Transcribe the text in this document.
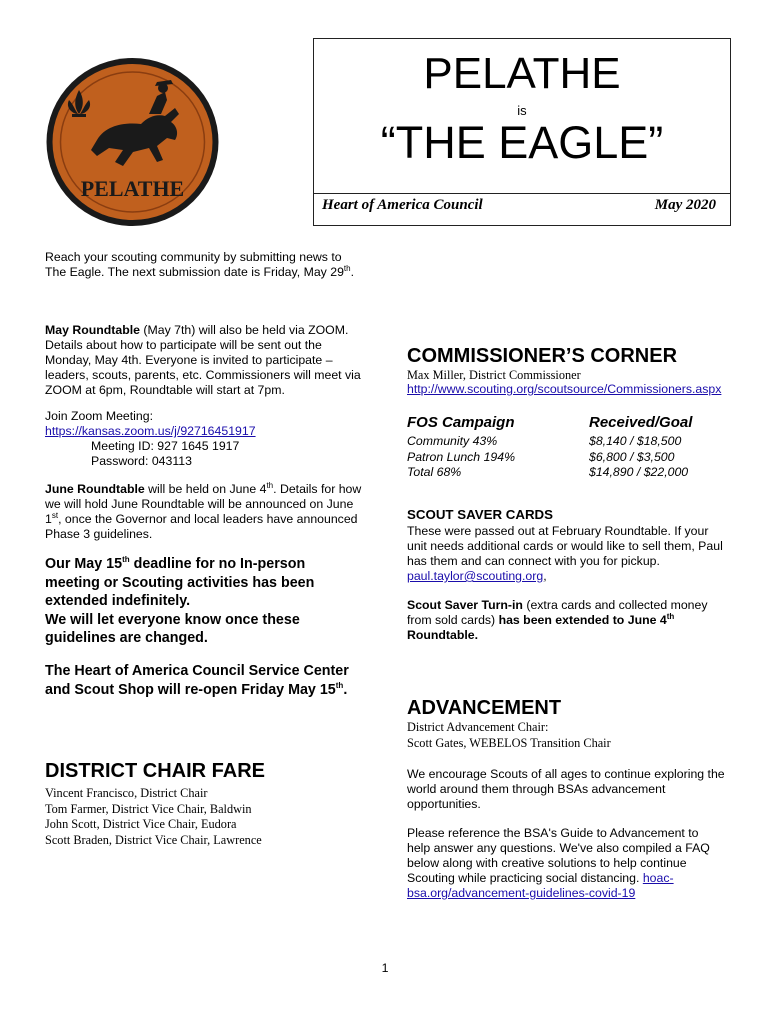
PELATHE
PELATHE
is
“THE EAGLE”
Heart of America Council	May 2020

Reach your scouting community by submitting news to The Eagle. The next submission date is Friday, May 29th.

May Roundtable (May 7th) will also be held via ZOOM. Details about how to participate will be sent out the Monday, May 4th. Everyone is invited to participate – leaders, scouts, parents, etc. Commissioners will meet via ZOOM at 6pm, Roundtable will start at 7pm.

Join Zoom Meeting: https://kansas.zoom.us/j/92716451917
Meeting ID: 927 1645 1917
Password: 043113

June Roundtable will be held on June 4th. Details for how we will hold June Roundtable will be announced on June 1st, once the Governor and local leaders have announced Phase 3 guidelines.

Our May 15th deadline for no In-person meeting or Scouting activities has been extended indefinitely.
We will let everyone know once these guidelines are changed.

The Heart of America Council Service Center and Scout Shop will re-open Friday May 15th.

DISTRICT CHAIR FARE
Vincent Francisco, District Chair
Tom Farmer, District Vice Chair, Baldwin
John Scott, District Vice Chair, Eudora
Scott Braden, District Vice Chair, Lawrence
COMMISSIONER’S CORNER
Max Miller, District Commissioner
http://www.scouting.org/scoutsource/Commissioners.aspx
FOS Campaign	Received/Goal
Community 43%	$8,140 / $18,500
Patron Lunch 194%	$6,800 / $3,500
Total 68%	$14,890 / $22,000
SCOUT SAVER CARDS

These were passed out at February Roundtable. If your unit needs additional cards or would like to sell them, Paul has them and can connect with you for pickup. paul.taylor@scouting.org,

Scout Saver Turn-in (extra cards and collected money from sold cards) has been extended to June 4th Roundtable.

ADVANCEMENT
District Advancement Chair:
Scott Gates, WEBELOS Transition Chair

We encourage Scouts of all ages to continue exploring the world around them through BSAs advancement opportunities.

Please reference the BSA's Guide to Advancement to help answer any questions. We've also compiled a FAQ below along with creative solutions to help continue Scouting while practicing social distancing. hoac-bsa.org/advancement-guidelines-covid-19

1
